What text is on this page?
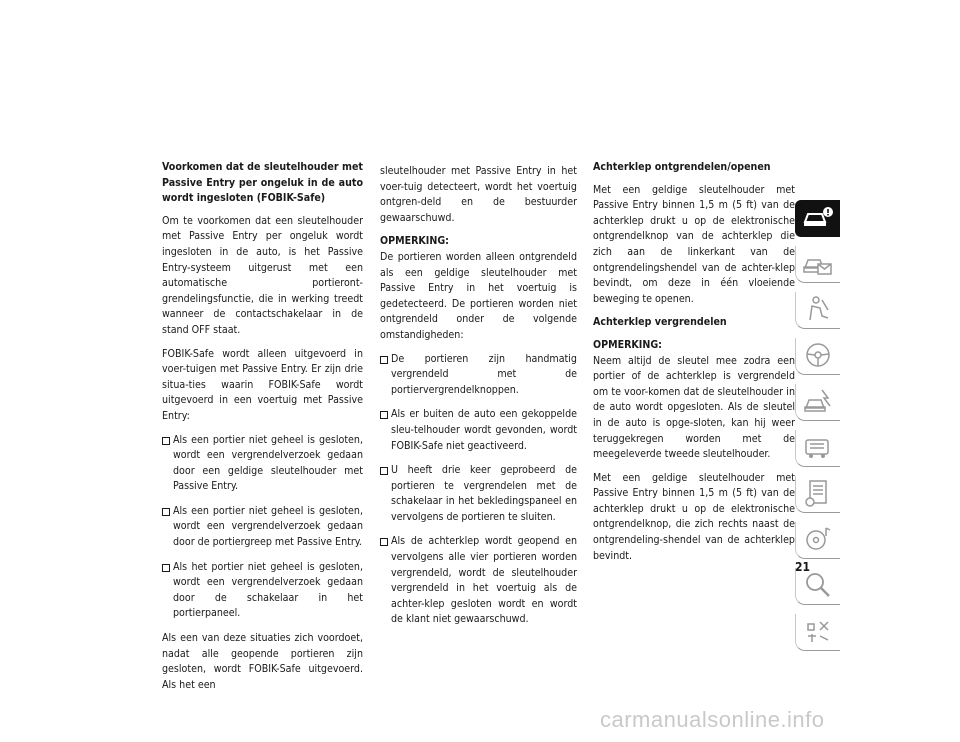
Voorkomen dat de sleutelhouder met Passive Entry per ongeluk in de auto wordt ingesloten (FOBIK-Safe)

Om te voorkomen dat een sleutelhouder met Passive Entry per ongeluk wordt ingesloten in de auto, is het Passive Entry-systeem uitgerust met een automatische portieront-grendelingsfunctie, die in werking treedt wanneer de contactschakelaar in de stand OFF staat.

FOBIK-Safe wordt alleen uitgevoerd in voer-tuigen met Passive Entry. Er zijn drie situa-ties waarin FOBIK-Safe wordt uitgevoerd in een voertuig met Passive Entry:

Als een portier niet geheel is gesloten, wordt een vergrendelverzoek gedaan door een geldige sleutelhouder met Passive Entry.
Als een portier niet geheel is gesloten, wordt een vergrendelverzoek gedaan door de portiergreep met Passive Entry.
Als het portier niet geheel is gesloten, wordt een vergrendelverzoek gedaan door de schakelaar in het portierpaneel.

Als een van deze situaties zich voordoet, nadat alle geopende portieren zijn gesloten, wordt FOBIK-Safe uitgevoerd. Als het een

sleutelhouder met Passive Entry in het voer-tuig detecteert, wordt het voertuig ontgren-deld en de bestuurder gewaarschuwd.

OPMERKING:
De portieren worden alleen ontgrendeld als een geldige sleutelhouder met Passive Entry in het voertuig is gedetecteerd. De portieren worden niet ontgrendeld onder de volgende omstandigheden:

De portieren zijn handmatig vergrendeld met de portiervergrendelknoppen.
Als er buiten de auto een gekoppelde sleu-telhouder wordt gevonden, wordt FOBIK-Safe niet geactiveerd.
U heeft drie keer geprobeerd de portieren te vergrendelen met de schakelaar in het bekledingspaneel en vervolgens de portieren te sluiten.
Als de achterklep wordt geopend en vervolgens alle vier portieren worden vergrendeld, wordt de sleutelhouder vergrendeld in het voertuig als de achter-klep gesloten wordt en wordt de klant niet gewaarschuwd.

Achterklep ontgrendelen/openen

Met een geldige sleutelhouder met Passive Entry binnen 1,5 m (5 ft) van de achterklep drukt u op de elektronische ontgrendelknop van de achterklep die zich aan de linkerkant van de ontgrendelingshendel van de achter-klep bevindt, om deze in één vloeiende beweging te openen.

Achterklep vergrendelen

OPMERKING:
Neem altijd de sleutel mee zodra een portier of de achterklep is vergrendeld om te voor-komen dat de sleutelhouder in de auto wordt opgesloten. Als de sleutel in de auto is opge-sloten, kan hij weer teruggekregen worden met de meegeleverde tweede sleutelhouder.

Met een geldige sleutelhouder met Passive Entry binnen 1,5 m (5 ft) van de achterklep drukt u op de elektronische ontgrendelknop, die zich rechts naast de ontgrendeling-shendel van de achterklep bevindt.

21
carmanualsonline.info
